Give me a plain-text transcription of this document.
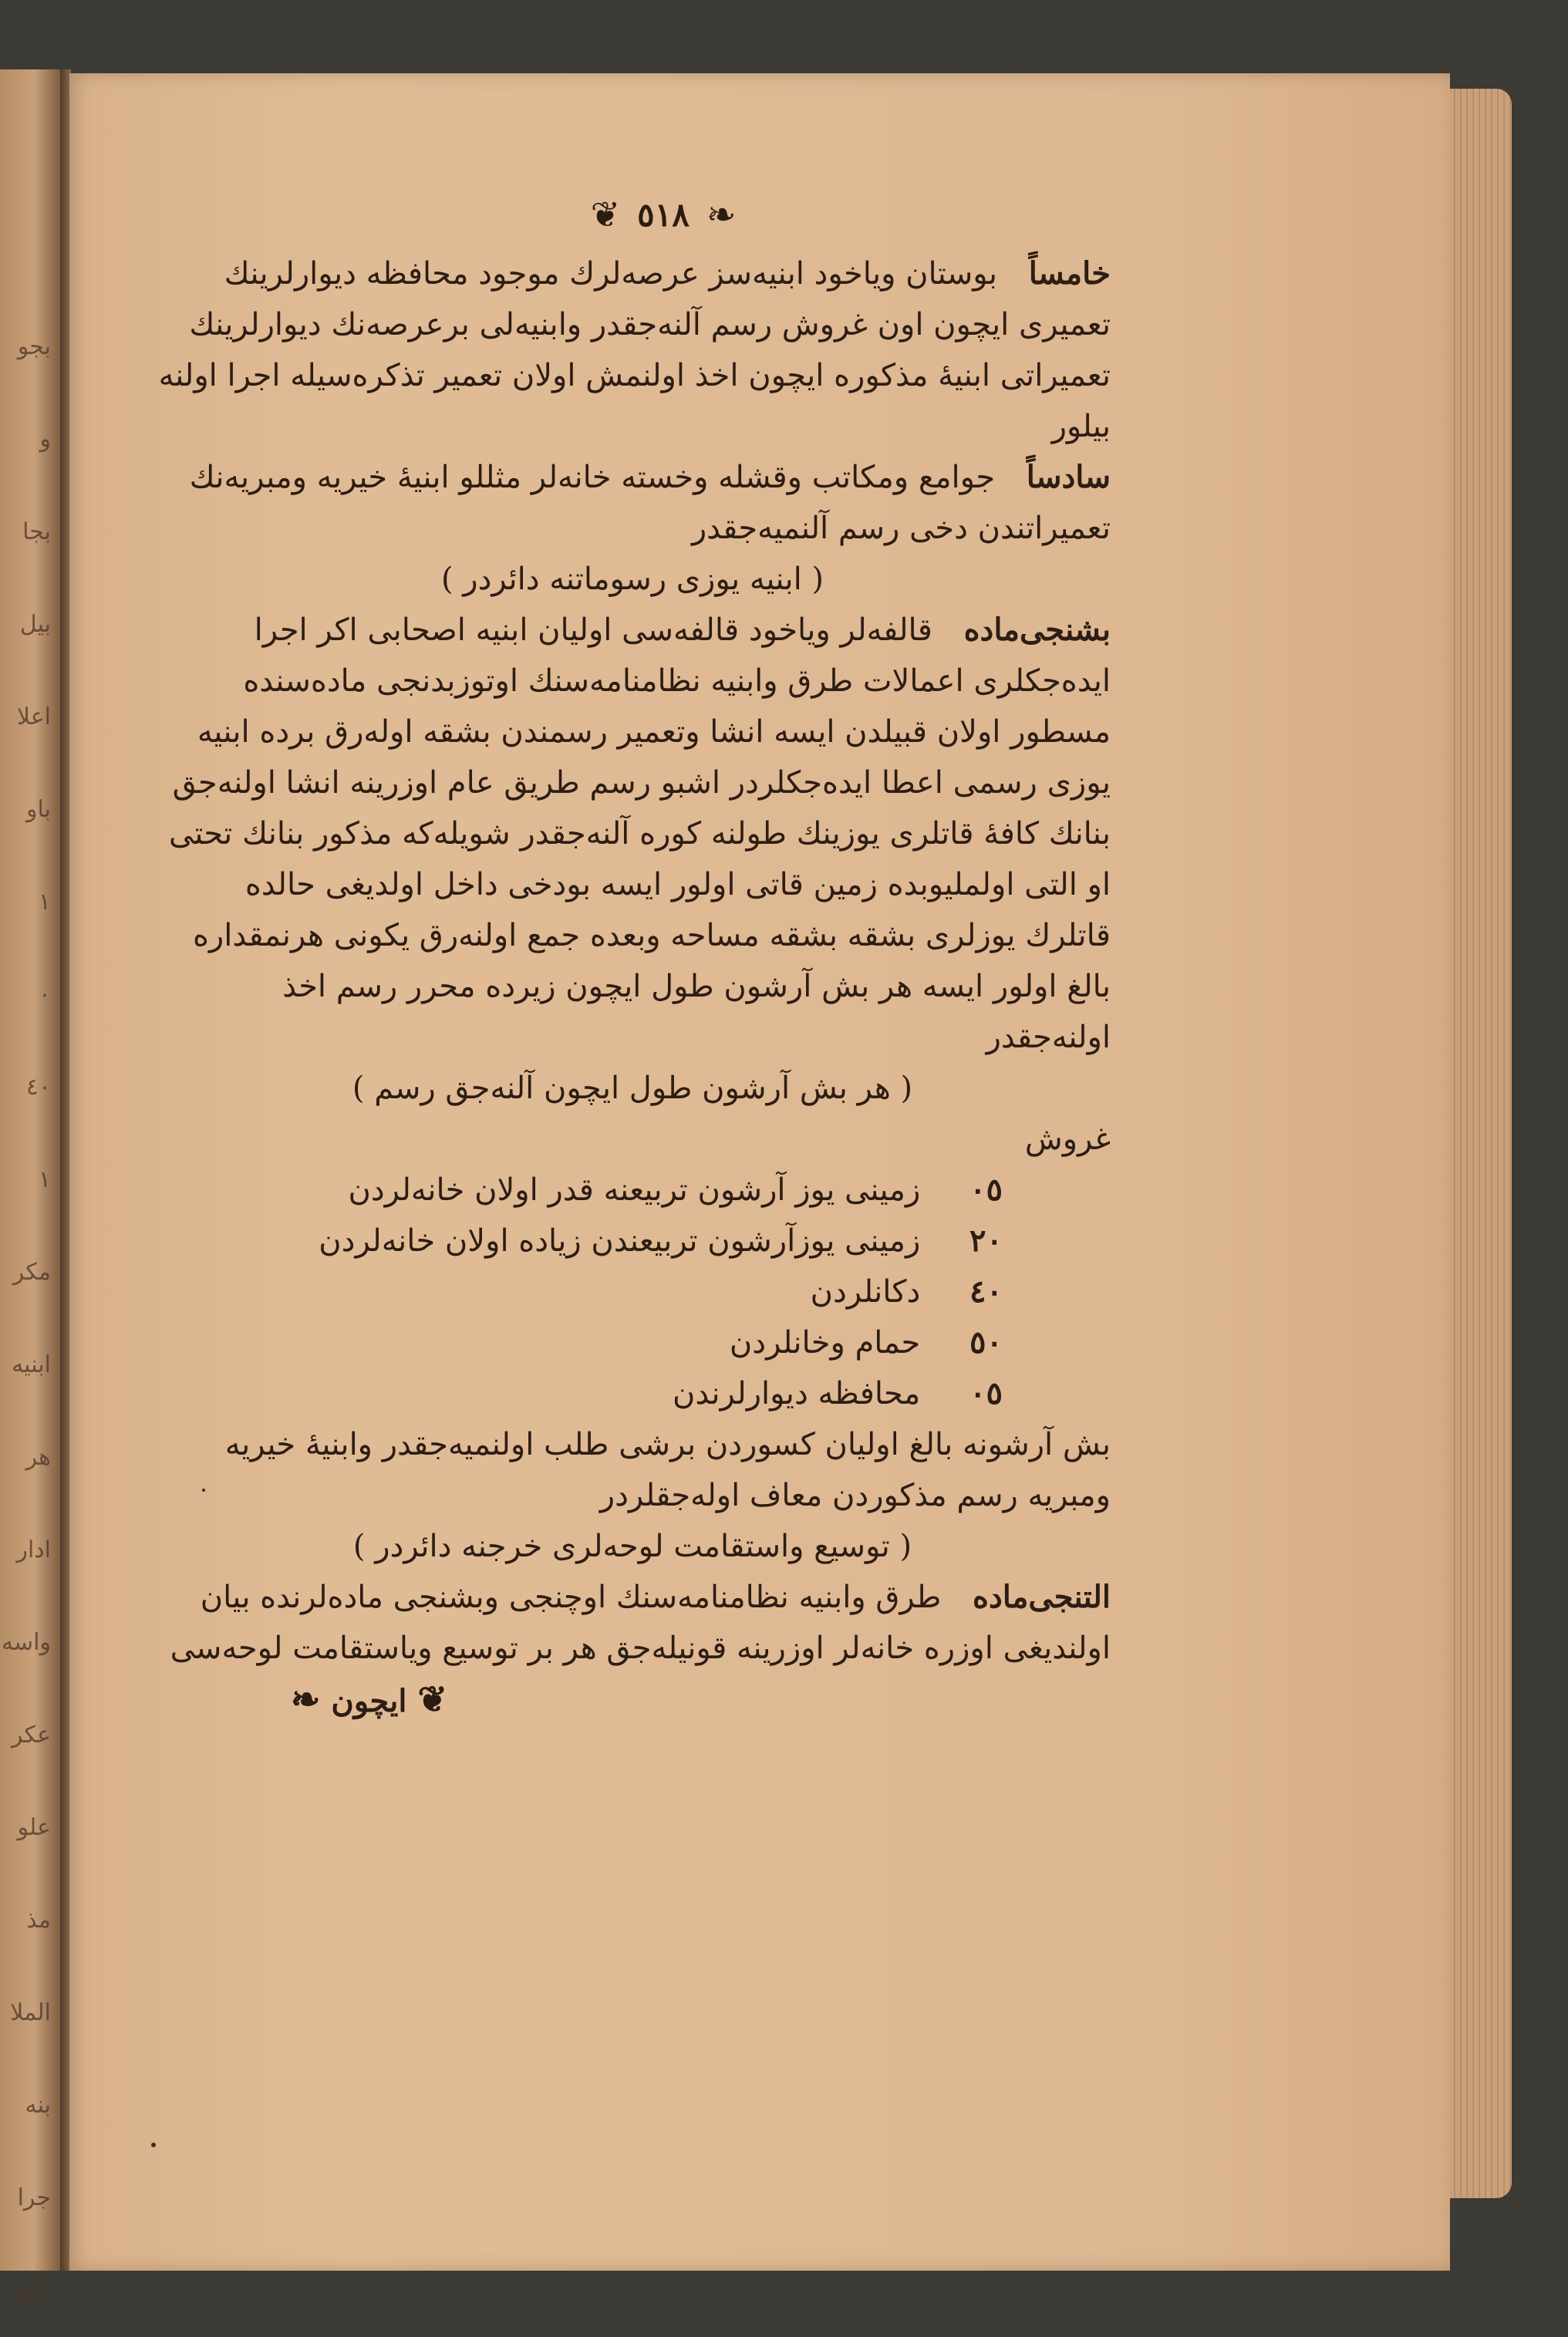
بجو
و
بجا
بيل
اعلا
باو
۱
٠
٤٠
١
مكر
ابنيه
هر
ادار
واسه
عكر
علو
مذ
الملا
بنه
جرا
نالح
❦ ٥١٨ ❧

خامساً بوستان وياخود ابنيه‌سز عرصه‌لرك موجود محافظه ديوارلرينك تعميرى ايچون اون غروش رسم آلنه‌جقدر وابنيه‌لى برعرصه‌نك ديوارلرينك تعميراتى ابنيۀ مذكوره ايچون اخذ اولنمش اولان تعمير تذكره‌سيله اجرا اولنه بيلور

سادساً جوامع ومكاتب وقشله وخسته خانه‌لر مثللو ابنيۀ خيريه ومبريه‌نك تعميراتندن دخى رسم آلنميه‌جقدر

( ابنيه يوزى رسوماتنه دائردر )

بشنجى‌ماده قالفه‌لر وياخود قالفه‌سى اوليان ابنيه اصحابى اكر اجرا ايده‌جكلرى اعمالات طرق وابنيه نظامنامه‌سنك اوتوزبدنجى ماده‌سنده مسطور اولان قبيلدن ايسه انشا وتعمير رسمندن بشقه اوله‌رق برده ابنيه يوزى رسمى اعطا ايده‌جكلردر اشبو رسم طريق عام اوزرينه انشا اولنه‌جق بنانك كافۀ قاتلرى يوزينك طولنه كوره آلنه‌جقدر شويله‌كه مذكور بنانك تحتى او التى اولمليوبده زمين قاتى اولور ايسه بودخى داخل اولديغى حالده قاتلرك يوزلرى بشقه بشقه مساحه وبعده جمع اولنه‌رق يكونى هرنمقداره بالغ اولور ايسه هر بش آرشون طول ايچون زيرده محرر رسم اخذ اولنه‌جقدر

( هر بش آرشون طول ايچون آلنه‌جق رسم )

غروش

٠٥ زمينى يوز آرشون تربيعنه قدر اولان خانه‌لردن
٢٠ زمينى يوزآرشون تربيعندن زياده اولان خانه‌لردن
٤٠ دكانلردن
٥٠ حمام وخانلردن
٠٥ محافظه ديوارلرندن

بش آرشونه بالغ اوليان كسوردن برشى طلب اولنميه‌جقدر وابنيۀ خيريه ومبريه رسم مذكوردن معاف اوله‌جقلردر

( توسيع واستقامت لوحه‌لرى خرجنه دائردر )

التنجى‌ماده طرق وابنيه نظامنامه‌سنك اوچنجى وبشنجى ماده‌لرنده بيان اولنديغى اوزره خانه‌لر اوزرينه قونيله‌جق هر بر توسيع وياستقامت لوحه‌سى

❦ ايچون ❧
